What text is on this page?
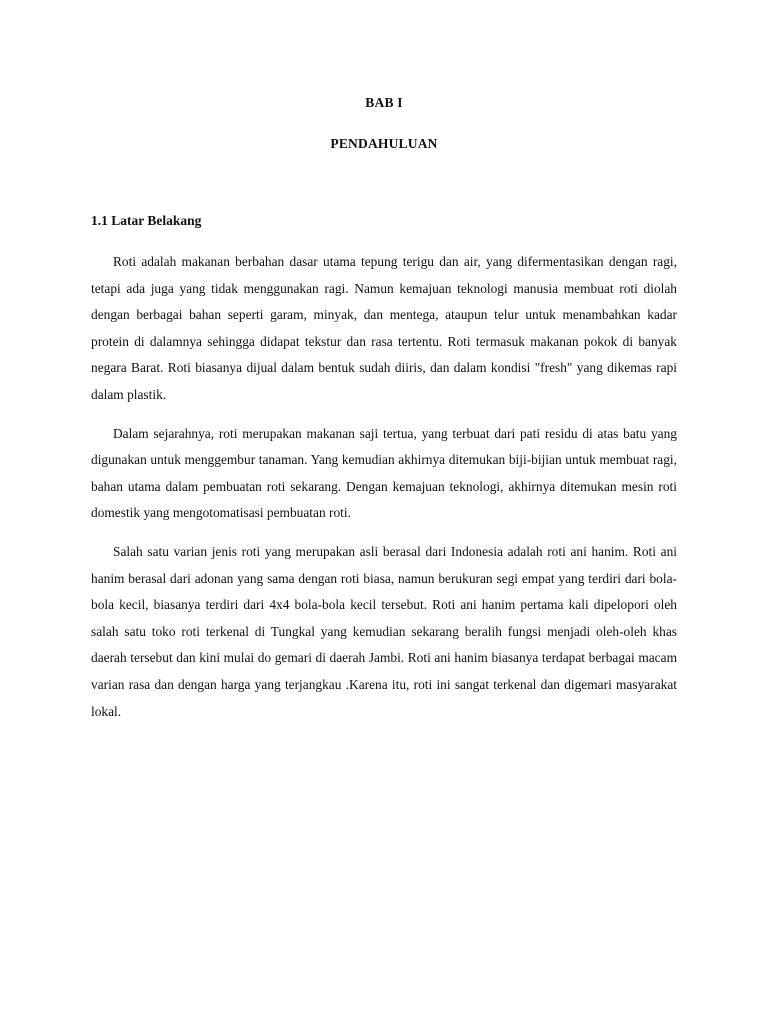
BAB I
PENDAHULUAN
1.1 Latar Belakang

Roti adalah makanan berbahan dasar utama tepung terigu dan air, yang difermentasikan dengan ragi, tetapi ada juga yang tidak menggunakan ragi. Namun kemajuan teknologi manusia membuat roti diolah dengan berbagai bahan seperti garam, minyak, dan mentega, ataupun telur untuk menambahkan kadar protein di dalamnya sehingga didapat tekstur dan rasa tertentu. Roti termasuk makanan pokok di banyak negara Barat. Roti biasanya dijual dalam bentuk sudah diiris, dan dalam kondisi "fresh" yang dikemas rapi dalam plastik.

Dalam sejarahnya, roti merupakan makanan saji tertua, yang terbuat dari pati residu di atas batu yang digunakan untuk menggembur tanaman. Yang kemudian akhirnya ditemukan biji-bijian untuk membuat ragi, bahan utama dalam pembuatan roti sekarang. Dengan kemajuan teknologi, akhirnya ditemukan mesin roti domestik yang mengotomatisasi pembuatan roti.

Salah satu varian jenis roti yang merupakan asli berasal dari Indonesia adalah roti ani hanim. Roti ani hanim berasal dari adonan yang sama dengan roti biasa, namun berukuran segi empat yang terdiri dari bola-bola kecil, biasanya terdiri dari 4x4 bola-bola kecil tersebut. Roti ani hanim pertama kali dipelopori oleh salah satu toko roti terkenal di Tungkal yang kemudian sekarang beralih fungsi menjadi oleh-oleh khas daerah tersebut dan kini mulai do gemari di daerah Jambi. Roti ani hanim biasanya terdapat berbagai macam varian rasa dan dengan harga yang terjangkau .Karena itu, roti ini sangat terkenal dan digemari masyarakat lokal.
